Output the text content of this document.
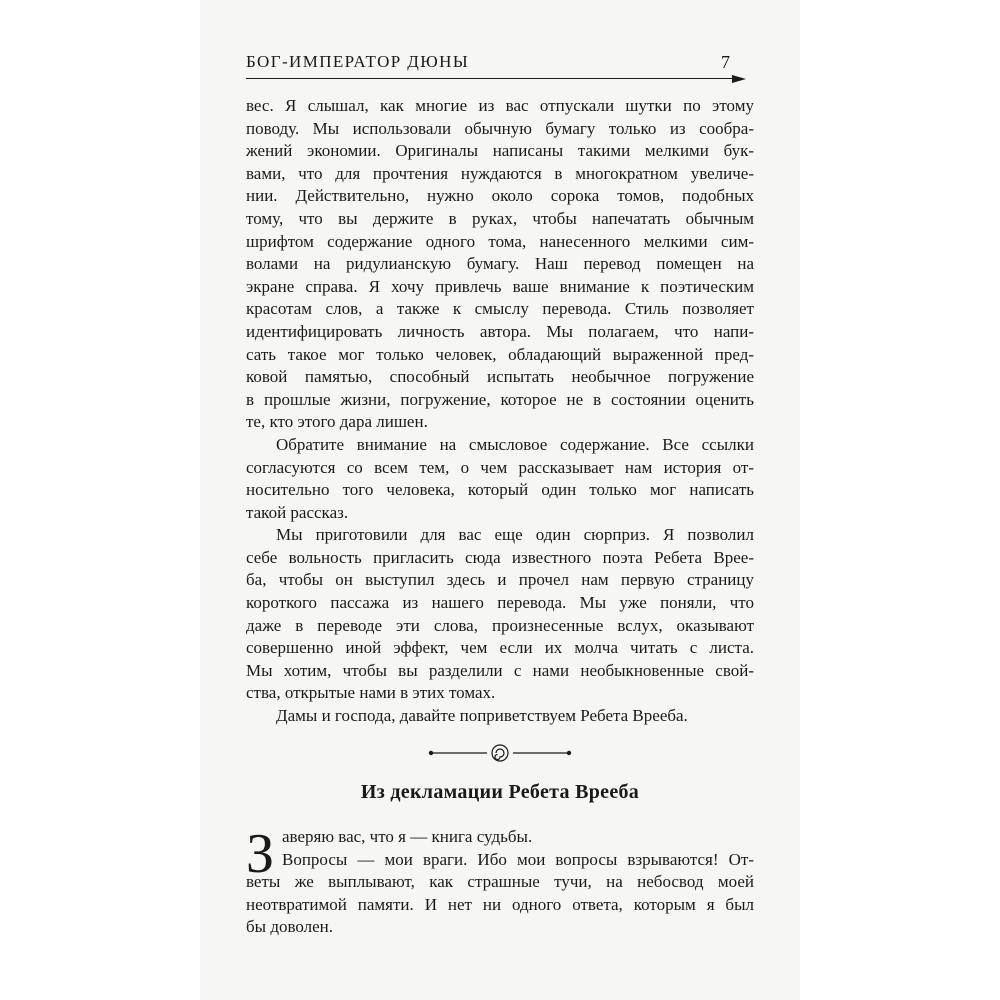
БОГ-ИМПЕРАТОР ДЮНЫ	7
вес. Я слышал, как многие из вас отпускали шутки по этому
поводу. Мы использовали обычную бумагу только из сообра-
жений экономии. Оригиналы написаны такими мелкими бук-
вами, что для прочтения нуждаются в многократном увеличе-
нии. Действительно, нужно около сорока томов, подобных
тому, что вы держите в руках, чтобы напечатать обычным
шрифтом содержание одного тома, нанесенного мелкими сим-
волами на ридулианскую бумагу. Наш перевод помещен на
экране справа. Я хочу привлечь ваше внимание к поэтическим
красотам слов, а также к смыслу перевода. Стиль позволяет
идентифицировать личность автора. Мы полагаем, что напи-
сать такое мог только человек, обладающий выраженной пред-
ковой памятью, способный испытать необычное погружение
в прошлые жизни, погружение, которое не в состоянии оценить
те, кто этого дара лишен.
Обратите внимание на смысловое содержание. Все ссылки
согласуются со всем тем, о чем рассказывает нам история от-
носительно того человека, который один только мог написать
такой рассказ.
Мы приготовили для вас еще один сюрприз. Я позволил
себе вольность пригласить сюда известного поэта Ребета Вреe-
ба, чтобы он выступил здесь и прочел нам первую страницу
короткого пассажа из нашего перевода. Мы уже поняли, что
даже в переводе эти слова, произнесенные вслух, оказывают
совершенно иной эффект, чем если их молча читать с листа.
Мы хотим, чтобы вы разделили с нами необыкновенные свой-
ства, открытые нами в этих томах.
Дамы и господа, давайте поприветствуем Ребета Врееба.
Из декламации Ребета Врееба
З аверяю вас, что я — книга судьбы.
Вопросы — мои враги. Ибо мои вопросы взрываются! От-
веты же выплывают, как страшные тучи, на небосвод моей
неотвратимой памяти. И нет ни одного ответа, которым я был
бы доволен.
